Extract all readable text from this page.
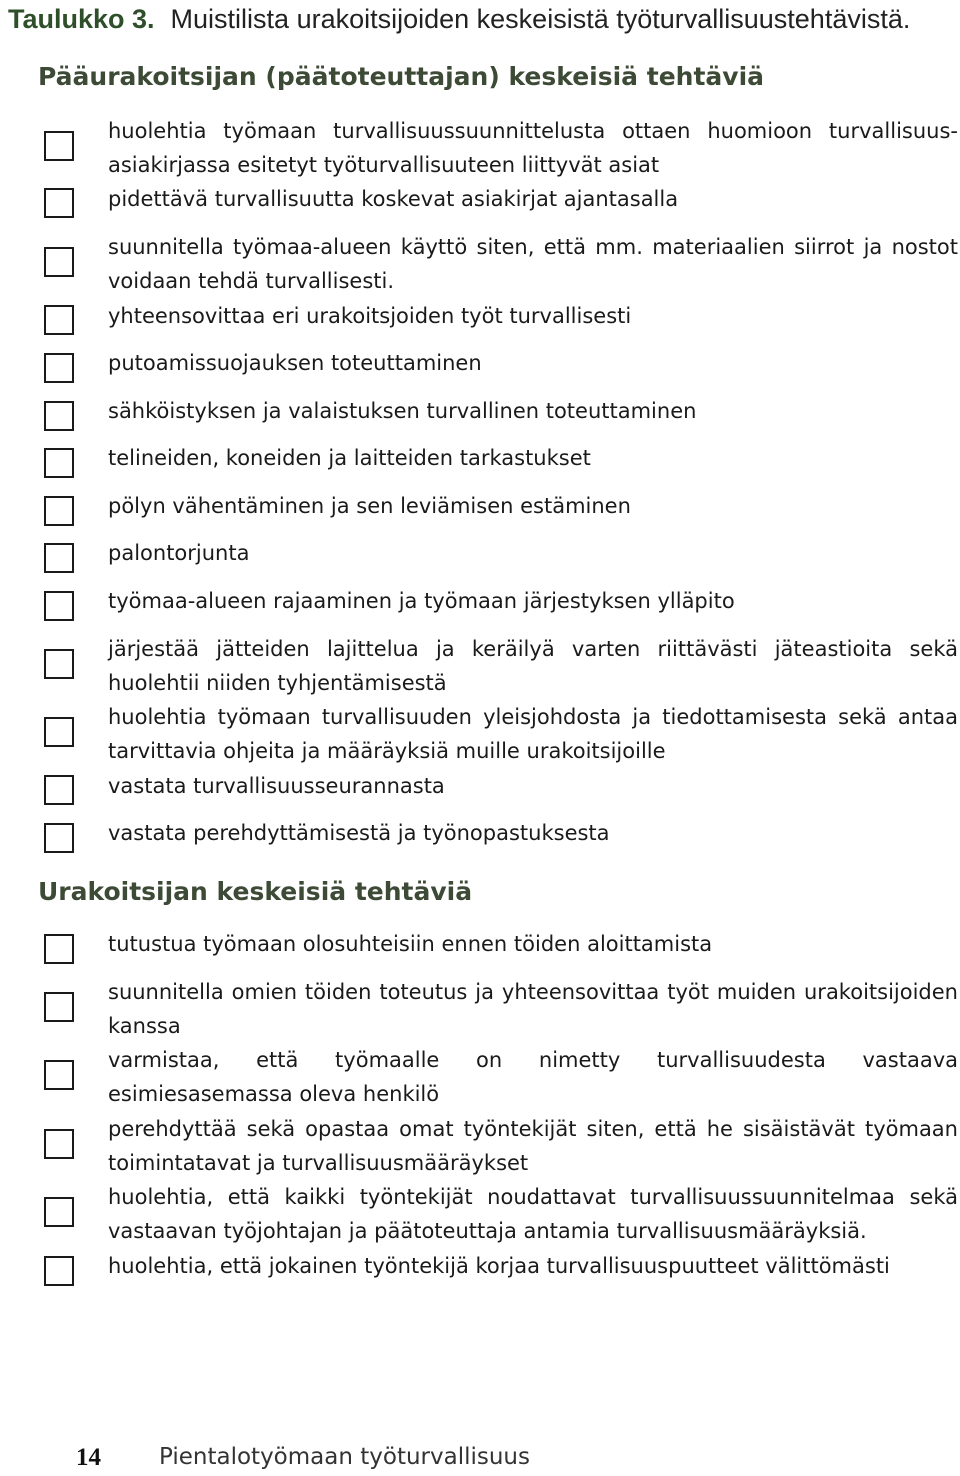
Taulukko 3. Muistilista urakoitsijoiden keskeisistä työturvallisuustehtävistä.
Pääurakoitsijan (päätoteuttajan) keskeisiä tehtäviä
huolehtia työmaan turvallisuussuunnittelusta ottaen huomioon turvallisuus-asiakirjassa esitetyt työturvallisuuteen liittyvät asiat
pidettävä turvallisuutta koskevat asiakirjat ajantasalla
suunnitella työmaa-alueen käyttö siten, että mm. materiaalien siirrot ja nostot voidaan tehdä turvallisesti.
yhteensovittaa eri urakoitsjoiden työt turvallisesti
putoamissuojauksen toteuttaminen
sähköistyksen ja valaistuksen turvallinen toteuttaminen
telineiden, koneiden ja laitteiden tarkastukset
pölyn vähentäminen ja sen leviämisen estäminen
palontorjunta
työmaa-alueen rajaaminen ja työmaan järjestyksen ylläpito
järjestää jätteiden lajittelua ja keräilyä varten riittävästi jäteastioita sekä huolehtii niiden tyhjentämisestä
huolehtia työmaan turvallisuuden yleisjohdosta ja tiedottamisesta sekä antaa tarvittavia ohjeita ja määräyksiä muille urakoitsijoille
vastata turvallisuusseurannasta
vastata perehdyttämisestä ja työnopastuksesta
Urakoitsijan keskeisiä tehtäviä
tutustua työmaan olosuhteisiin ennen töiden aloittamista
suunnitella omien töiden toteutus ja yhteensovittaa työt muiden urakoitsijoiden kanssa
varmistaa, että työmaalle on nimetty turvallisuudesta vastaava esimiesasemassa oleva henkilö
perehdyttää sekä opastaa omat työntekijät siten, että he sisäistävät työmaan toimintatavat ja turvallisuusmääräykset
huolehtia, että kaikki työntekijät noudattavat turvallisuussuunnitelmaa sekä vastaavan työjohtajan ja päätoteuttaja antamia turvallisuusmääräyksiä.
huolehtia, että jokainen työntekijä korjaa turvallisuuspuutteet välittömästi
14	Pientalotyömaan työturvallisuus
